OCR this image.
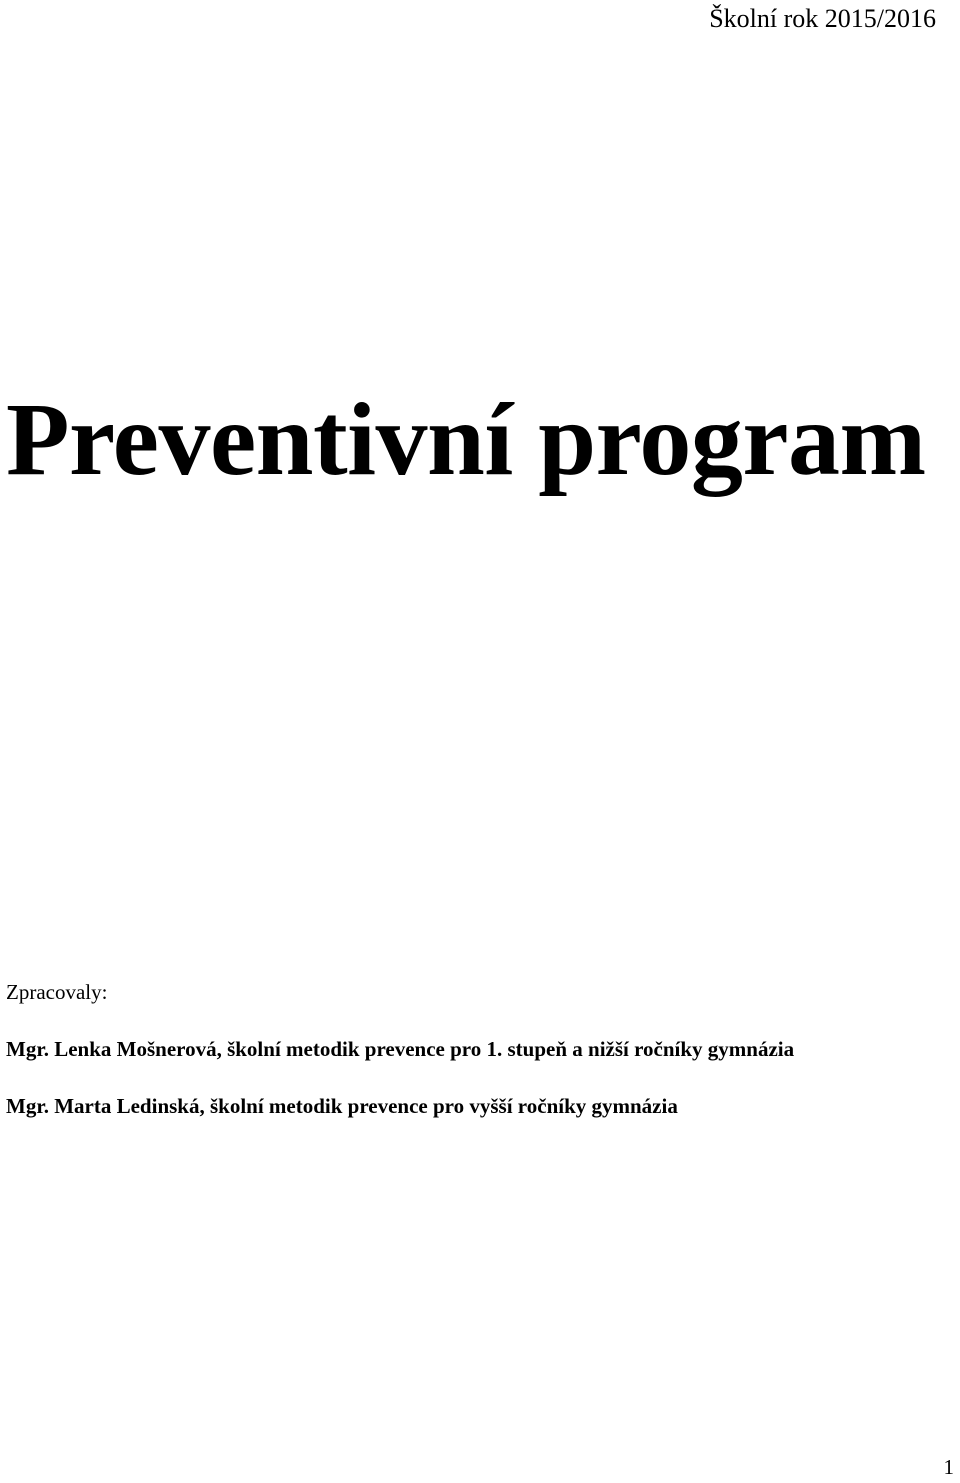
Školní rok 2015/2016
Preventivní program
Zpracovaly:
Mgr. Lenka Mošnerová, školní metodik prevence pro 1. stupeň a nižší ročníky gymnázia
Mgr. Marta Ledinská, školní metodik prevence pro vyšší ročníky gymnázia
1
